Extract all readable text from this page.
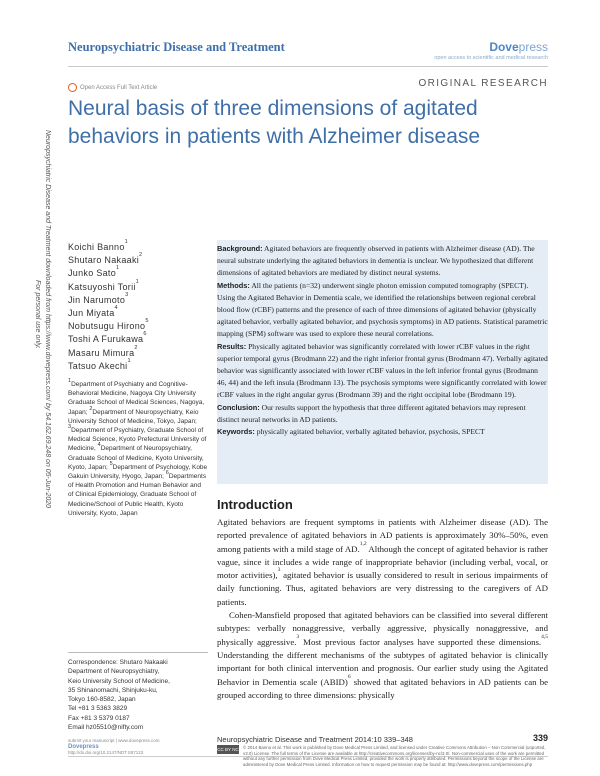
Neuropsychiatric Disease and Treatment	Dovepress
open access to scientific and medical research
Open Access Full Text Article	ORIGINAL RESEARCH
Neural basis of three dimensions of agitated behaviors in patients with Alzheimer disease
Neuropsychiatric Disease and Treatment downloaded from https://www.dovepress.com/ by 54.162.69.248 on 05-Jun-2020
For personal use only.
Koichi Banno$^1$
Shutaro Nakaaki$^2$
Junko Sato$^1$
Katsuyoshi Torii$^1$
Jin Narumoto$^3$
Jun Miyata$^4$
Nobutsugu Hirono$^5$
Toshi A Furukawa$^6$
Masaru Mimura$^2$
Tatsuo Akechi$^1$
$^1$Department of Psychiatry and Cognitive-Behavioral Medicine, Nagoya City University Graduate School of Medical Sciences, Nagoya, Japan; $^2$Department of Neuropsychiatry, Keio University School of Medicine, Tokyo, Japan; $^3$Department of Psychiatry, Graduate School of Medical Science, Kyoto Prefectural University of Medicine, $^4$Department of Neuropsychiatry, Graduate School of Medicine, Kyoto University, Kyoto, Japan; $^5$Department of Psychology, Kobe Gakuin University, Hyogo, Japan; $^6$Departments of Health Promotion and Human Behavior and of Clinical Epidemiology, Graduate School of Medicine/School of Public Health, Kyoto University, Kyoto, Japan
Correspondence: Shutaro Nakaaki
Department of Neuropsychiatry,
Keio University School of Medicine,
35 Shinanomachi, Shinjuku-ku,
Tokyo 160-8582, Japan
Tel +81 3 5363 3829
Fax +81 3 5379 0187
Email hz05510@nifty.com

Background: Agitated behaviors are frequently observed in patients with Alzheimer disease (AD). The neural substrate underlying the agitated behaviors in dementia is unclear. We hypothesized that different dimensions of agitated behaviors are mediated by distinct neural systems.

Methods: All the patients (n=32) underwent single photon emission computed tomography (SPECT). Using the Agitated Behavior in Dementia scale, we identified the relationships between regional cerebral blood flow (rCBF) patterns and the presence of each of three dimensions of agitated behavior (physically agitated behavior, verbally agitated behavior, and psychosis symptoms) in AD patients. Statistical parametric mapping (SPM) software was used to explore these neural correlations.

Results: Physically agitated behavior was significantly correlated with lower rCBF values in the right superior temporal gyrus (Brodmann 22) and the right inferior frontal gyrus (Brodmann 47). Verbally agitated behavior was significantly associated with lower rCBF values in the left inferior frontal gyrus (Brodmann 46, 44) and the left insula (Brodmann 13). The psychosis symptoms were significantly correlated with lower rCBF values in the right angular gyrus (Brodmann 39) and the right occipital lobe (Brodmann 19).

Conclusion: Our results support the hypothesis that three different agitated behaviors may represent distinct neural networks in AD patients.

Keywords: physically agitated behavior, verbally agitated behavior, psychosis, SPECT

Introduction

Agitated behaviors are frequent symptoms in patients with Alzheimer disease (AD). The reported prevalence of agitated behaviors in AD patients is approximately 30%–50%, even among patients with a mild stage of AD.$^{1,2}$ Although the concept of agitated behavior is rather vague, since it includes a wide range of inappropriate behavior (including verbal, vocal, or motor activities),$^3$ agitated behavior is usually considered to result in serious impairments of daily functioning. Thus, agitated behaviors are very distressing to the caregivers of AD patients.

Cohen-Mansfield proposed that agitated behaviors can be classified into several different subtypes: verbally nonaggressive, verbally aggressive, physically nonaggressive, and physically aggressive.$^3$ Most previous factor analyses have supported these dimensions.$^{4,5}$ Understanding the different mechanisms of the subtypes of agitated behavior is clinically important for both clinical intervention and prognosis. Our earlier study using the Agitated Behavior in Dementia scale (ABID)$^6$ showed that agitated behaviors in AD patients can be grouped according to three dimensions: physically

submit your manuscript | www.dovepress.com
Dovepress
http://dx.doi.org/10.2147/NDT.S57122
Neuropsychiatric Disease and Treatment 2014:10 339–348	339
CC BY NC © 2014 Banno et al. This work is published by Dove Medical Press Limited, and licensed under Creative Commons Attribution – Non Commercial (unported, v3.0) License. The full terms of the License are available at http://creativecommons.org/licenses/by-nc/3.0/. Non-commercial uses of the work are permitted without any further permission from Dove Medical Press Limited, provided the work is properly attributed. Permissions beyond the scope of the License are administered by Dove Medical Press Limited. Information on how to request permission may be found at: http://www.dovepress.com/permissions.php
